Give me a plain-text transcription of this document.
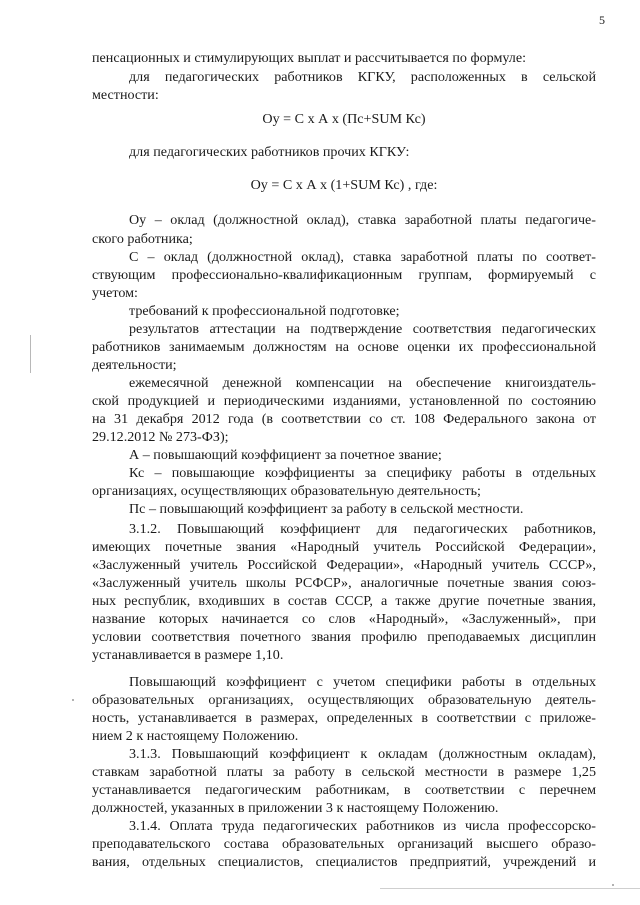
5
пенсационных и стимулирующих выплат и рассчитывается по формуле:
для педагогических работников КГКУ, расположенных в сельской
местности:
Оу = С x А x (Пс+SUM Кс)
для педагогических работников прочих КГКУ:
Оу = С x А x (1+SUM Кс) , где:
Оу – оклад (должностной оклад), ставка заработной платы педагогиче-
ского работника;
С – оклад (должностной оклад), ставка заработной платы по соответ-
ствующим профессионально-квалификационным группам, формируемый с
учетом:
требований к профессиональной подготовке;
результатов аттестации на подтверждение соответствия педагогических
работников занимаемым должностям на основе оценки их профессиональной
деятельности;
ежемесячной денежной компенсации на обеспечение книгоиздатель-
ской продукцией и периодическими изданиями, установленной по состоянию
на 31 декабря 2012 года (в соответствии со ст. 108 Федерального закона от
29.12.2012 № 273-ФЗ);
А – повышающий коэффициент за почетное звание;
Кс – повышающие коэффициенты за специфику работы в отдельных
организациях, осуществляющих образовательную деятельность;
Пс – повышающий коэффициент за работу в сельской местности.
3.1.2. Повышающий коэффициент для педагогических работников,
имеющих почетные звания «Народный учитель Российской Федерации»,
«Заслуженный учитель Российской Федерации», «Народный учитель СССР»,
«Заслуженный учитель школы РСФСР», аналогичные почетные звания союз-
ных республик, входивших в состав СССР, а также другие почетные звания,
название которых начинается со слов «Народный», «Заслуженный», при
условии соответствия почетного звания профилю преподаваемых дисциплин
устанавливается в размере 1,10.
Повышающий коэффициент с учетом специфики работы в отдельных
образовательных организациях, осуществляющих образовательную деятель-
ность, устанавливается в размерах, определенных в соответствии с приложе-
нием 2 к настоящему Положению.
3.1.3. Повышающий коэффициент к окладам (должностным окладам),
ставкам заработной платы за работу в сельской местности в размере 1,25
устанавливается педагогическим работникам, в соответствии с перечнем
должностей, указанных в приложении 3 к настоящему Положению.
3.1.4. Оплата труда педагогических работников из числа профессорско-
преподавательского состава образовательных организаций высшего образо-
вания, отдельных специалистов, специалистов предприятий, учреждений и
